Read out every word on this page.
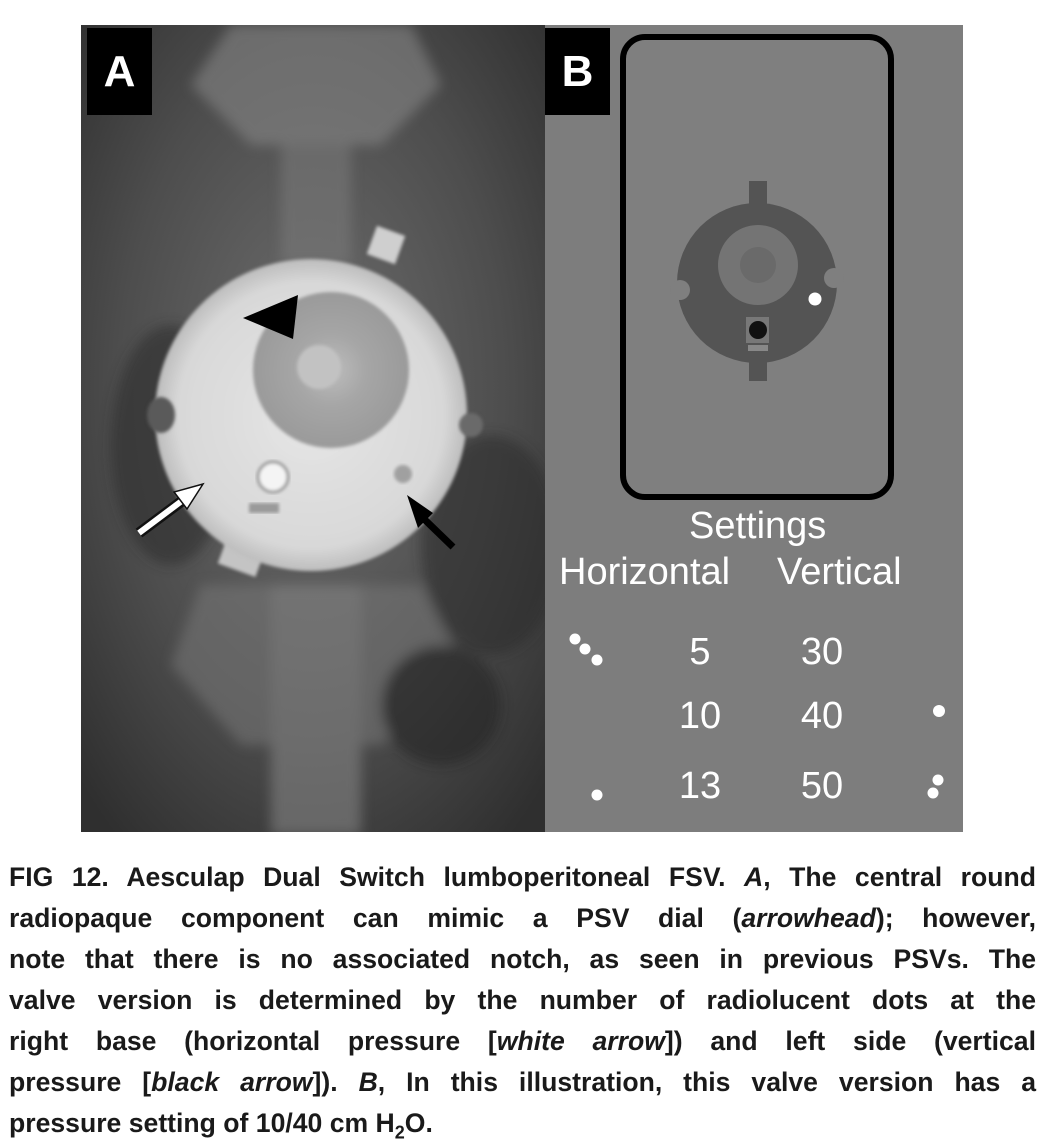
A	B
Settings
Horizontal Vertical
5	30
10	40
13	50
FIG 12. Aesculap Dual Switch lumboperitoneal FSV. A, The central round
radiopaque component can mimic a PSV dial (arrowhead); however,
note that there is no associated notch, as seen in previous PSVs. The
valve version is determined by the number of radiolucent dots at the
right base (horizontal pressure [white arrow]) and left side (vertical
pressure [black arrow]). B, In this illustration, this valve version has a
pressure setting of 10/40 cm $H_2O$.
